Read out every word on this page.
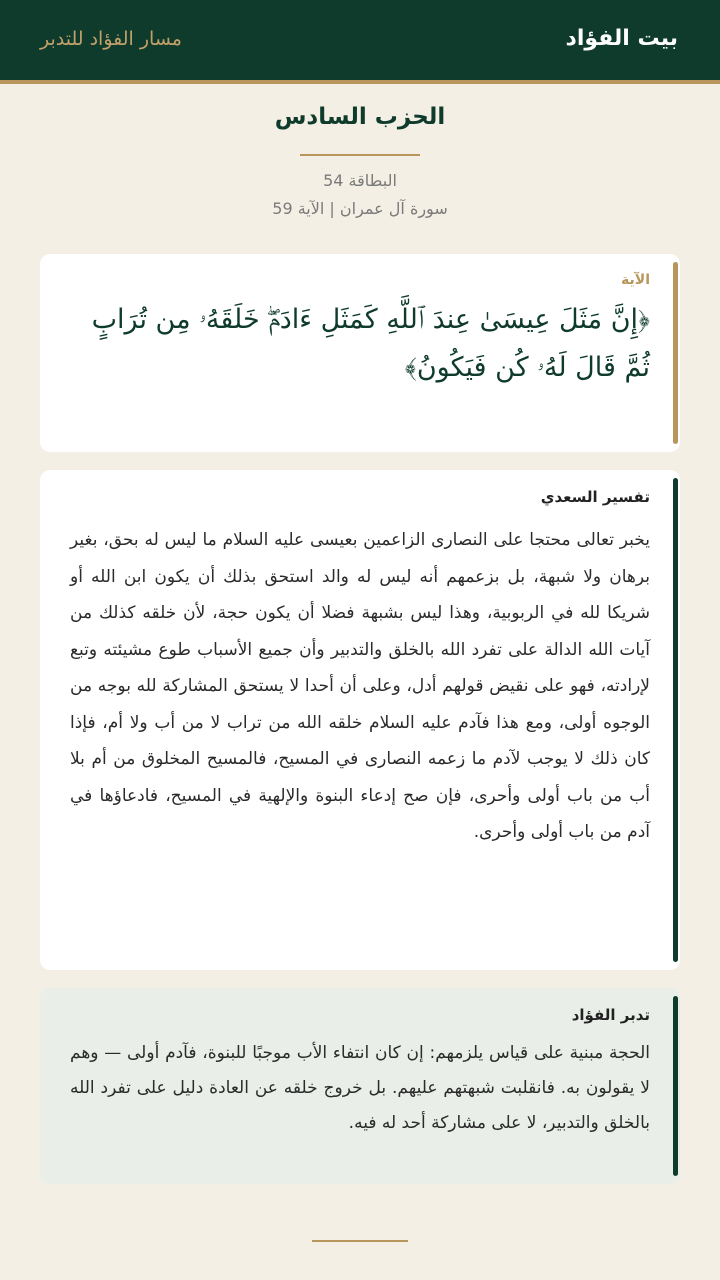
بيت الفؤاد
مسار الفؤاد للتدبر
الحزب السادس
البطاقة 54
سورة آل عمران | الآية 59
الآية
﴿إِنَّ مَثَلَ عِيسَىٰ عِندَ ٱللَّهِ كَمَثَلِ ءَادَمَۖ خَلَقَهُۥ مِن تُرَابٍ ثُمَّ قَالَ لَهُۥ كُن فَيَكُونُ﴾
تفسير السعدي

يخبر تعالى محتجا على النصارى الزاعمين بعيسى عليه السلام ما ليس له بحق، بغير برهان ولا شبهة، بل بزعمهم أنه ليس له والد استحق بذلك أن يكون ابن الله أو شريكا لله في الربوبية، وهذا ليس بشبهة فضلا أن يكون حجة، لأن خلقه كذلك من آيات الله الدالة على تفرد الله بالخلق والتدبير وأن جميع الأسباب طوع مشيئته وتبع لإرادته، فهو على نقيض قولهم أدل، وعلى أن أحدا لا يستحق المشاركة لله بوجه من الوجوه أولى، ومع هذا فآدم عليه السلام خلقه الله من تراب لا من أب ولا أم، فإذا كان ذلك لا يوجب لآدم ما زعمه النصارى في المسيح، فالمسيح المخلوق من أم بلا أب من باب أولى وأحرى، فإن صح إدعاء البنوة والإلهية في المسيح، فادعاؤها في آدم من باب أولى وأحرى.

تدبر الفؤاد

الحجة مبنية على قياس يلزمهم: إن كان انتفاء الأب موجبًا للبنوة، فآدم أولى — وهم لا يقولون به. فانقلبت شبهتهم عليهم. بل خروج خلقه عن العادة دليل على تفرد الله بالخلق والتدبير، لا على مشاركة أحد له فيه.
